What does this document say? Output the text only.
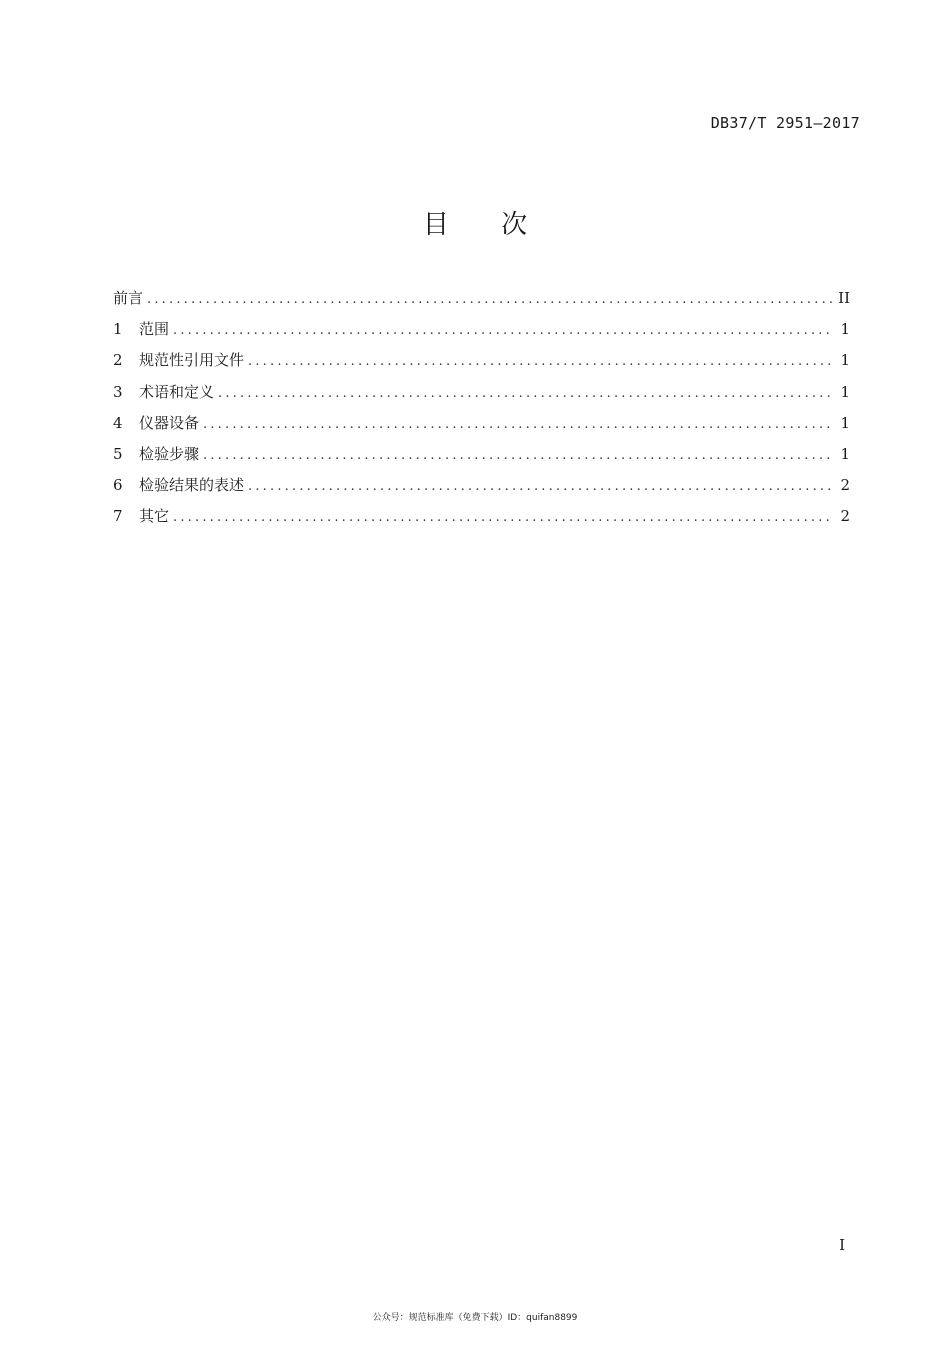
DB37/T 2951—2017
目 次
前言 .....	II
1	范围 .....	1
2	规范性引用文件 .....	1
3	术语和定义 .....	1
4	仪器设备 .....	1
5	检验步骤 .....	1
6	检验结果的表述 .....	2
7	其它 .....	2
I
公众号：规范标准库（免费下载）ID：quifan8899
